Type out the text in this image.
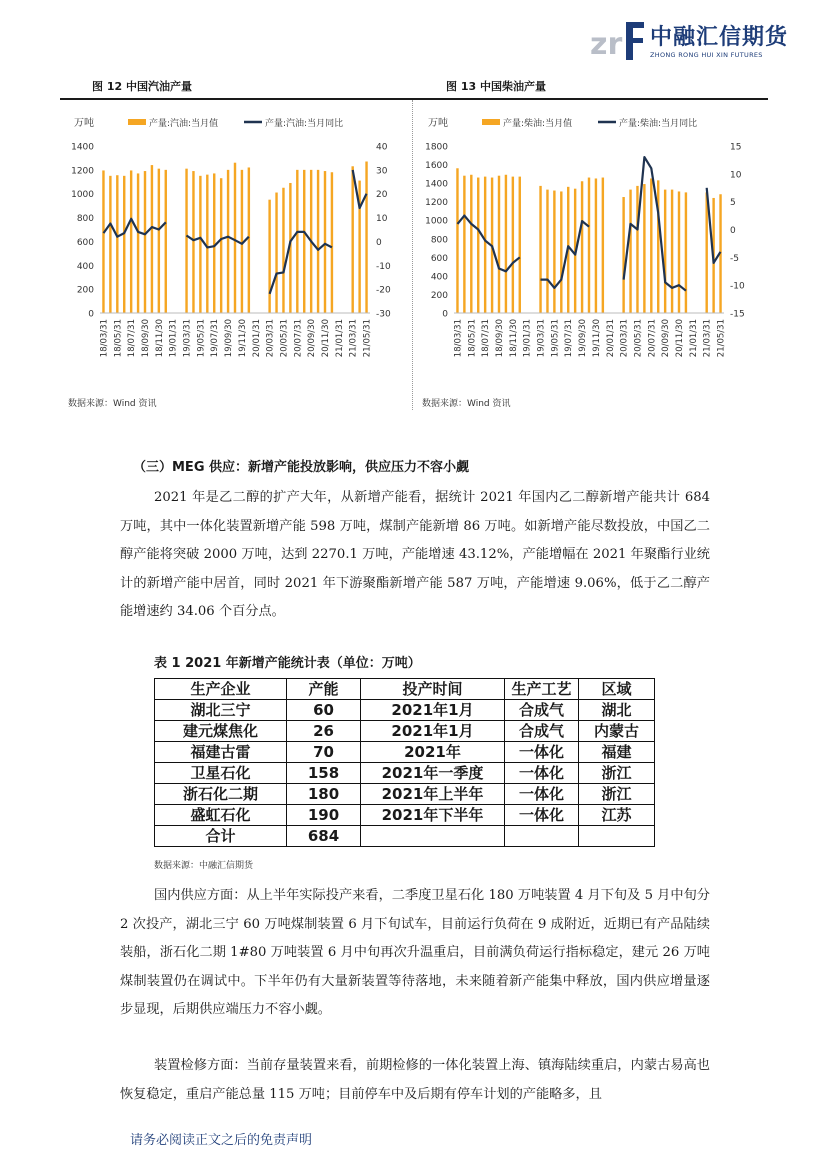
zr 中融汇信期货
ZHONG RONG HUI XIN FUTURES
图 12 中国汽油产量	图 13 中国柴油产量
万吨	产量:汽油:当月值	产量:汽油:当月同比
0
200
400
600
800
1000
1200
1400
-30
-20
-10
0
10
20
30
40
18/03/31 18/05/31 18/07/31 18/09/30 18/11/30 19/01/31 19/03/31 19/05/31 19/07/31 19/09/30 19/11/30 20/01/31 20/03/31 20/05/31 20/07/31 20/09/30 20/11/30 21/01/31 21/03/31 21/05/31
万吨	产量:柴油:当月值	产量:柴油:当月同比
0
200
400
600
800
1000
1200
1400
1600
1800
-15
-10
-5
0
5
10
15
18/03/31 18/05/31 18/07/31 18/09/30 18/11/30 19/01/31 19/03/31 19/05/31 19/07/31 19/09/30 19/11/30 20/01/31 20/03/31 20/05/31 20/07/31 20/09/30 20/11/30 21/01/31 21/03/31 21/05/31
数据来源：Wind 资讯	数据来源：Wind 资讯
（三）MEG 供应：新增产能投放影响，供应压力不容小觑

2021 年是乙二醇的扩产大年，从新增产能看，据统计 2021 年国内乙二醇新增产能共计 684 万吨，其中一体化装置新增产能 598 万吨，煤制产能新增 86 万吨。如新增产能尽数投放，中国乙二醇产能将突破 2000 万吨，达到 2270.1 万吨，产能增速 43.12%，产能增幅在 2021 年聚酯行业统计的新增产能中居首，同时 2021 年下游聚酯新增产能 587 万吨，产能增速 9.06%，低于乙二醇产能增速约 34.06 个百分点。

表 1 2021 年新增产能统计表（单位：万吨）
生产企业	产能	投产时间	生产工艺	区域
湖北三宁	60	2021年1月	合成气	湖北
建元煤焦化	26	2021年1月	合成气	内蒙古
福建古雷	70	2021年	一体化	福建
卫星石化	158	2021年一季度	一体化	浙江
浙石化二期	180	2021年上半年	一体化	浙江
盛虹石化	190	2021年下半年	一体化	江苏
合计	684			
数据来源：中融汇信期货

国内供应方面：从上半年实际投产来看，二季度卫星石化 180 万吨装置 4 月下旬及 5 月中旬分 2 次投产，湖北三宁 60 万吨煤制装置 6 月下旬试车，目前运行负荷在 9 成附近，近期已有产品陆续装船，浙石化二期 1#80 万吨装置 6 月中旬再次升温重启，目前满负荷运行指标稳定，建元 26 万吨煤制装置仍在调试中。下半年仍有大量新装置等待落地，未来随着新产能集中释放，国内供应增量逐步显现，后期供应端压力不容小觑。

装置检修方面：当前存量装置来看，前期检修的一体化装置上海、镇海陆续重启，内蒙古易高也恢复稳定，重启产能总量 115 万吨；目前停车中及后期有停车计划的产能略多，且

请务必阅读正文之后的免责声明
